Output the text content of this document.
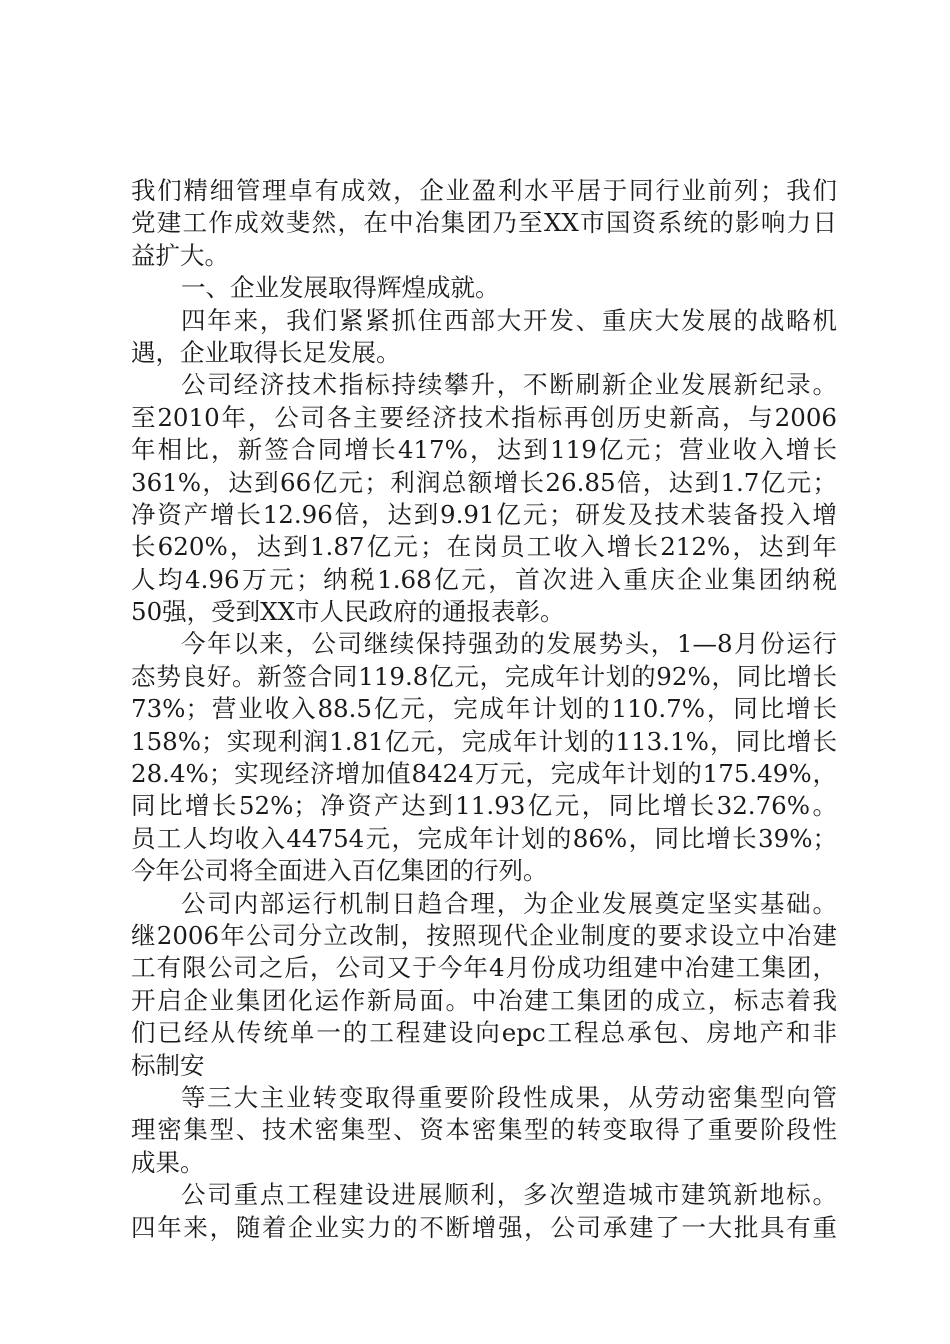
我们精细管理卓有成效，企业盈利水平居于同行业前列；我们
党建工作成效斐然，在中冶集团乃至XX市国资系统的影响力日
益扩大。
一、企业发展取得辉煌成就。
四年来，我们紧紧抓住西部大开发、重庆大发展的战略机
遇，企业取得长足发展。
公司经济技术指标持续攀升，不断刷新企业发展新纪录。
至2010年，公司各主要经济技术指标再创历史新高，与2006
年相比，新签合同增长417%，达到119亿元；营业收入增长
361%，达到66亿元；利润总额增长26.85倍，达到1.7亿元；
净资产增长12.96倍，达到9.91亿元；研发及技术装备投入增
长620%，达到1.87亿元；在岗员工收入增长212%，达到年
人均4.96万元；纳税1.68亿元，首次进入重庆企业集团纳税
50强，受到XX市人民政府的通报表彰。
今年以来，公司继续保持强劲的发展势头，1—8月份运行
态势良好。新签合同119.8亿元，完成年计划的92%，同比增长
73%；营业收入88.5亿元，完成年计划的110.7%，同比增长
158%；实现利润1.81亿元，完成年计划的113.1%，同比增长
28.4%；实现经济增加值8424万元，完成年计划的175.49%，
同比增长52%；净资产达到11.93亿元，同比增长32.76%。
员工人均收入44754元，完成年计划的86%，同比增长39%；
今年公司将全面进入百亿集团的行列。
公司内部运行机制日趋合理，为企业发展奠定坚实基础。
继2006年公司分立改制，按照现代企业制度的要求设立中冶建
工有限公司之后，公司又于今年4月份成功组建中冶建工集团，
开启企业集团化运作新局面。中冶建工集团的成立，标志着我
们已经从传统单一的工程建设向epc工程总承包、房地产和非
标制安
等三大主业转变取得重要阶段性成果，从劳动密集型向管
理密集型、技术密集型、资本密集型的转变取得了重要阶段性
成果。
公司重点工程建设进展顺利，多次塑造城市建筑新地标。
四年来，随着企业实力的不断增强，公司承建了一大批具有重
